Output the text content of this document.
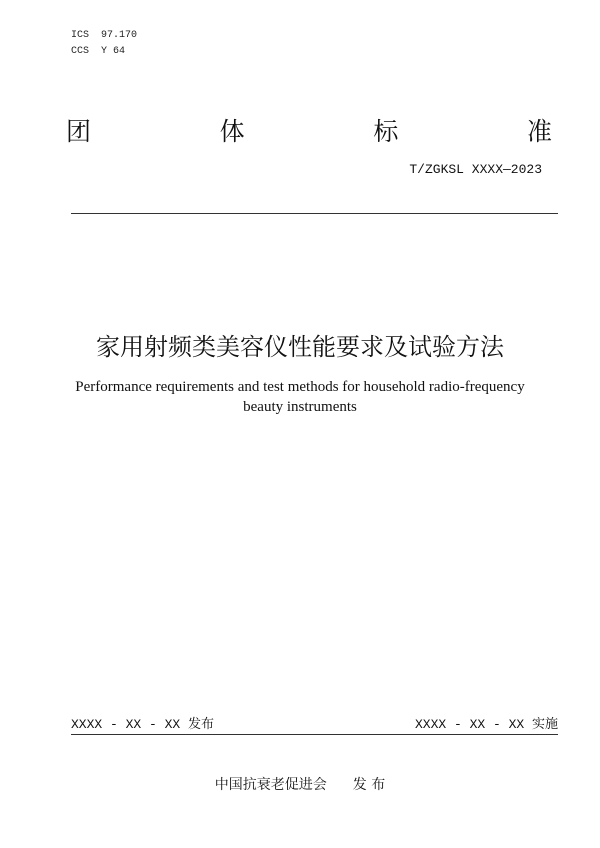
ICS  97.170
CCS  Y 64
团	体	标	准
T/ZGKSL XXXX—2023
家用射频类美容仪性能要求及试验方法
Performance requirements and test methods for household radio-frequency beauty instruments
XXXX - XX - XX 发布	XXXX - XX - XX 实施
中国抗衰老促进会 发 布
